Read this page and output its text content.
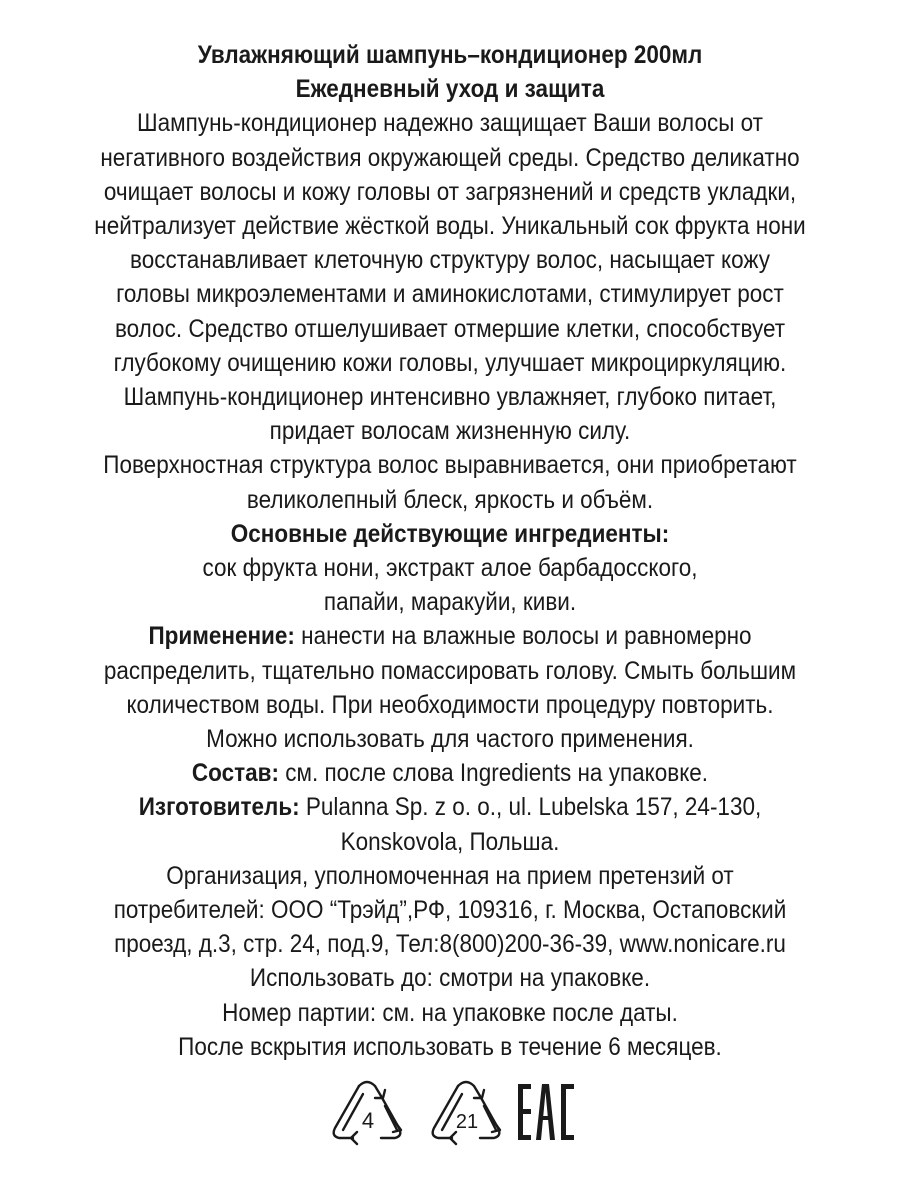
Увлажняющий шампунь–кондиционер 200мл
Ежедневный уход и защита
Шампунь-кондиционер надежно защищает Ваши волосы от
негативного воздействия окружающей среды. Средство деликатно
очищает волосы и кожу головы от загрязнений и средств укладки,
нейтрализует действие жёсткой воды. Уникальный сок фрукта нони
восстанавливает клеточную структуру волос, насыщает кожу
головы микроэлементами и аминокислотами, стимулирует рост
волос. Средство отшелушивает отмершие клетки, способствует
глубокому очищению кожи головы, улучшает микроциркуляцию.
Шампунь-кондиционер интенсивно увлажняет, глубоко питает,
придает волосам жизненную силу.
Поверхностная структура волос выравнивается, они приобретают
великолепный блеск, яркость и объём.
Основные действующие ингредиенты:
сок фрукта нони, экстракт алое барбадосского,
папайи, маракуйи, киви.
Применение: нанести на влажные волосы и равномерно
распределить, тщательно помассировать голову. Смыть большим
количеством воды. При необходимости процедуру повторить.
Можно использовать для частого применения.
Состав: см. после слова Ingredients на упаковке.
Изготовитель: Pulanna Sp. z o. o., ul. Lubelska 157, 24-130,
Konskovola, Польша.
Организация, уполномоченная на прием претензий от
потребителей: ООО “Трэйд”,РФ, 109316, г. Москва, Остаповский
проезд, д.3, стр. 24, под.9, Тел:8(800)200-36-39, www.nonicare.ru
Использовать до: смотри на упаковке.
Номер партии: см. на упаковке после даты.
После вскрытия использовать в течение 6 месяцев.
4	21
